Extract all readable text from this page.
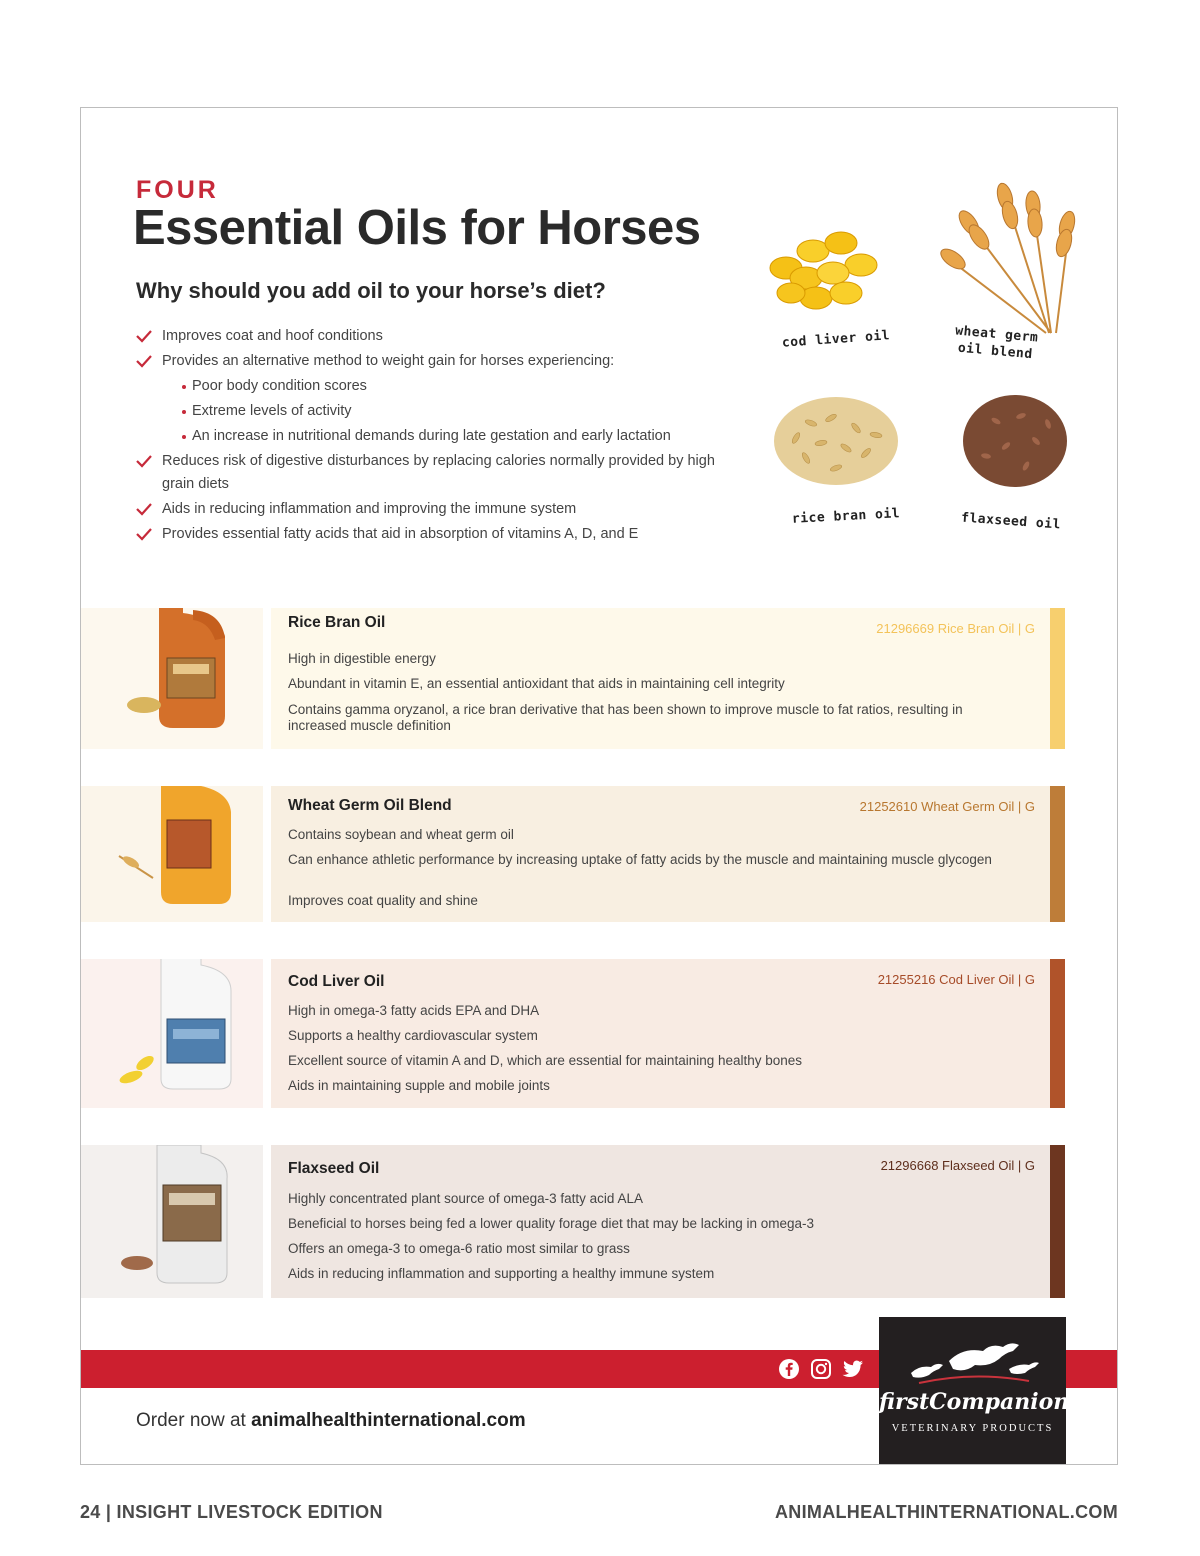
FOUR
Essential Oils for Horses
Why should you add oil to your horse’s diet?
Improves coat and hoof conditions
Provides an alternative method to weight gain for horses experiencing:
Poor body condition scores
Extreme levels of activity
An increase in nutritional demands during late gestation and early lactation
Reduces risk of digestive disturbances by replacing calories normally provided by high grain diets
Aids in reducing inflammation and improving the immune system
Provides essential fatty acids that aid in absorption of vitamins A, D, and E
cod liver oil	wheat germ
oil blend
rice bran oil	flaxseed oil
Rice Bran Oil	21296669 Rice Bran Oil | G
High in digestible energy
Abundant in vitamin E, an essential antioxidant that aids in maintaining cell integrity
Contains gamma oryzanol, a rice bran derivative that has been shown to improve muscle to fat ratios, resulting in increased muscle definition
Wheat Germ Oil Blend	21252610 Wheat Germ Oil | G
Contains soybean and wheat germ oil
Can enhance athletic performance by increasing uptake of fatty acids by the muscle and maintaining muscle glycogen
Improves coat quality and shine
Cod Liver Oil	21255216 Cod Liver Oil | G
High in omega-3 fatty acids EPA and DHA
Supports a healthy cardiovascular system
Excellent source of vitamin A and D, which are essential for maintaining healthy bones
Aids in maintaining supple and mobile joints
Flaxseed Oil	21296668 Flaxseed Oil | G
Highly concentrated plant source of omega-3 fatty acid ALA
Beneficial to horses being fed a lower quality forage diet that may be lacking in omega-3
Offers an omega-3 to omega-6 ratio most similar to grass
Aids in reducing inflammation and supporting a healthy immune system
Order now at animalhealthinternational.com
firstCompanion
VETERINARY PRODUCTS
24 | INSIGHT LIVESTOCK EDITION	ANIMALHEALTHINTERNATIONAL.COM
